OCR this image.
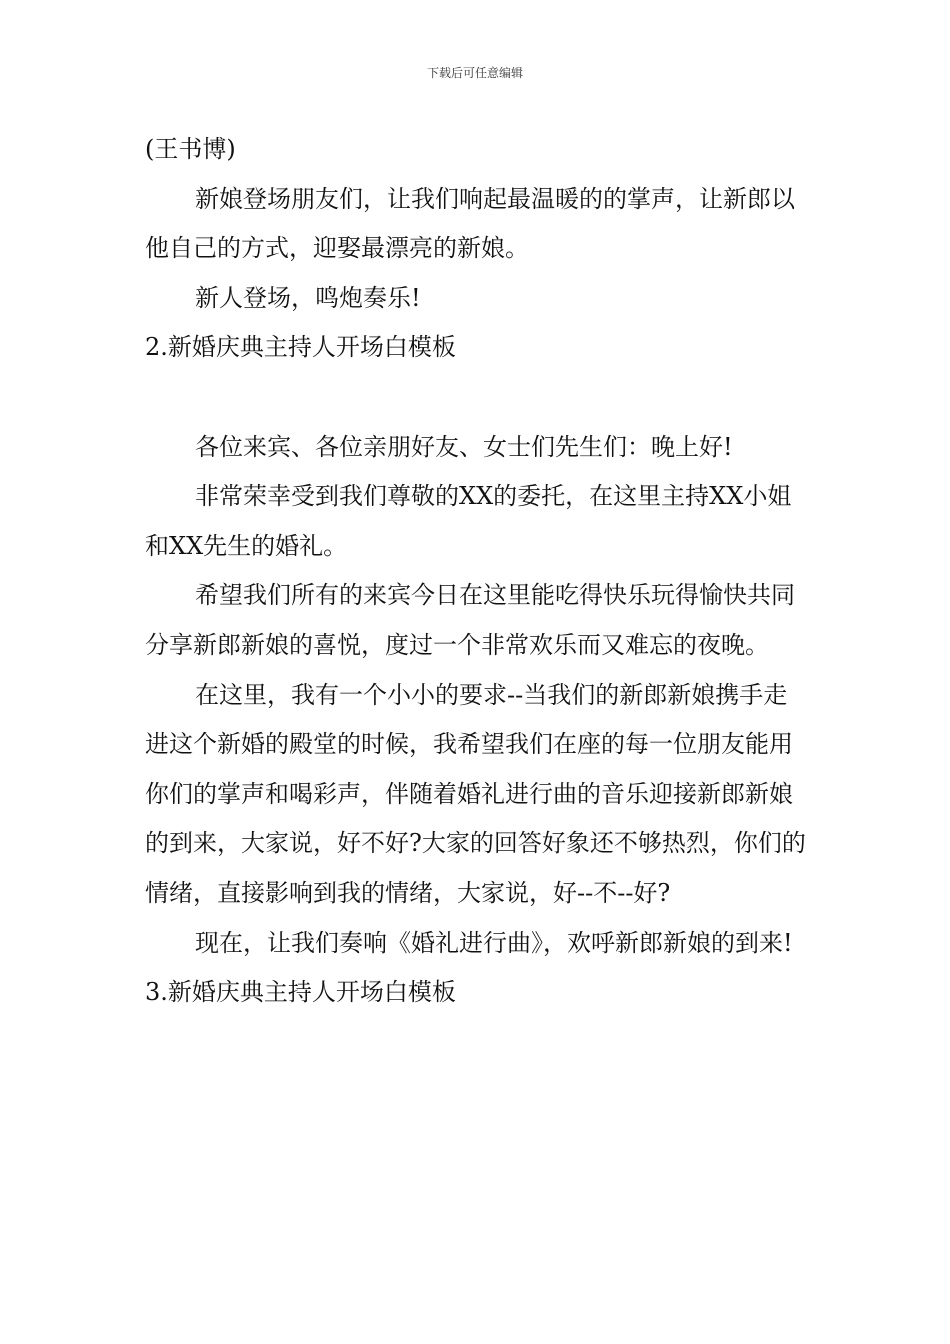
下载后可任意编辑

(王书博)

新娘登场朋友们，让我们响起最温暖的的掌声，让新郎以他自己的方式，迎娶最漂亮的新娘。

新人登场，鸣炮奏乐!

2.新婚庆典主持人开场白模板

各位来宾、各位亲朋好友、女士们先生们：晚上好!

非常荣幸受到我们尊敬的XX的委托，在这里主持XX小姐和XX先生的婚礼。

希望我们所有的来宾今日在这里能吃得快乐玩得愉快共同分享新郎新娘的喜悦，度过一个非常欢乐而又难忘的夜晚。

在这里，我有一个小小的要求--当我们的新郎新娘携手走进这个新婚的殿堂的时候，我希望我们在座的每一位朋友能用你们的掌声和喝彩声，伴随着婚礼进行曲的音乐迎接新郎新娘的到来，大家说，好不好?大家的回答好象还不够热烈，你们的情绪，直接影响到我的情绪，大家说，好--不--好?

现在，让我们奏响《婚礼进行曲》，欢呼新郎新娘的到来!

3.新婚庆典主持人开场白模板
